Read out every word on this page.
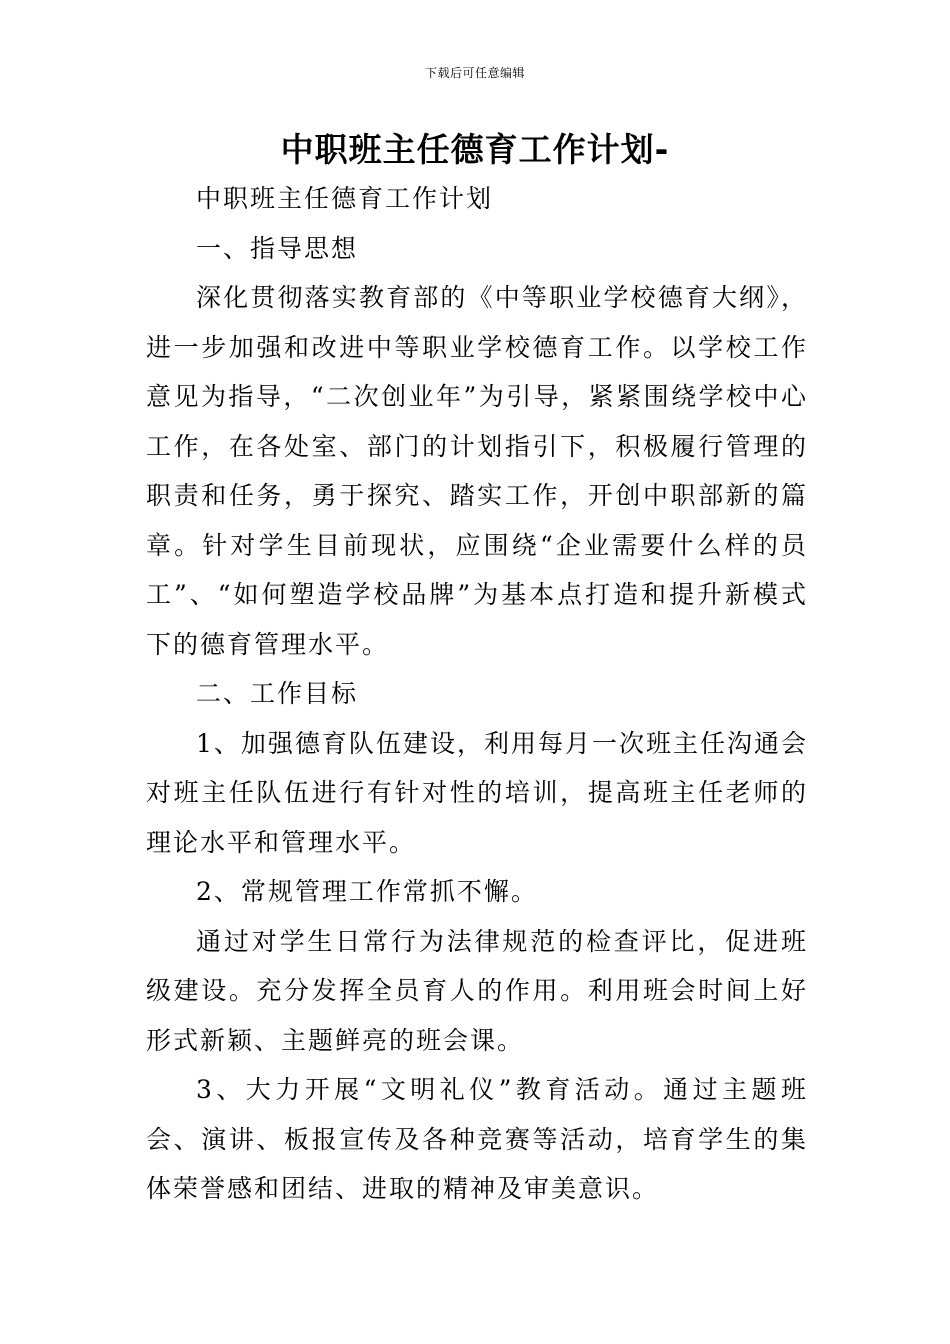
下载后可任意编辑
中职班主任德育工作计划-

中职班主任德育工作计划

一、指导思想

深化贯彻落实教育部的《中等职业学校德育大纲》，进一步加强和改进中等职业学校德育工作。以学校工作意见为指导，“二次创业年”为引导，紧紧围绕学校中心工作，在各处室、部门的计划指引下，积极履行管理的职责和任务，勇于探究、踏实工作，开创中职部新的篇章。针对学生目前现状，应围绕“企业需要什么样的员工”、“如何塑造学校品牌”为基本点打造和提升新模式下的德育管理水平。

二、工作目标

1、加强德育队伍建设，利用每月一次班主任沟通会对班主任队伍进行有针对性的培训，提高班主任老师的理论水平和管理水平。

2、常规管理工作常抓不懈。

通过对学生日常行为法律规范的检查评比，促进班级建设。充分发挥全员育人的作用。利用班会时间上好形式新颖、主题鲜亮的班会课。

3、大力开展“文明礼仪”教育活动。通过主题班会、演讲、板报宣传及各种竞赛等活动，培育学生的集体荣誉感和团结、进取的精神及审美意识。
